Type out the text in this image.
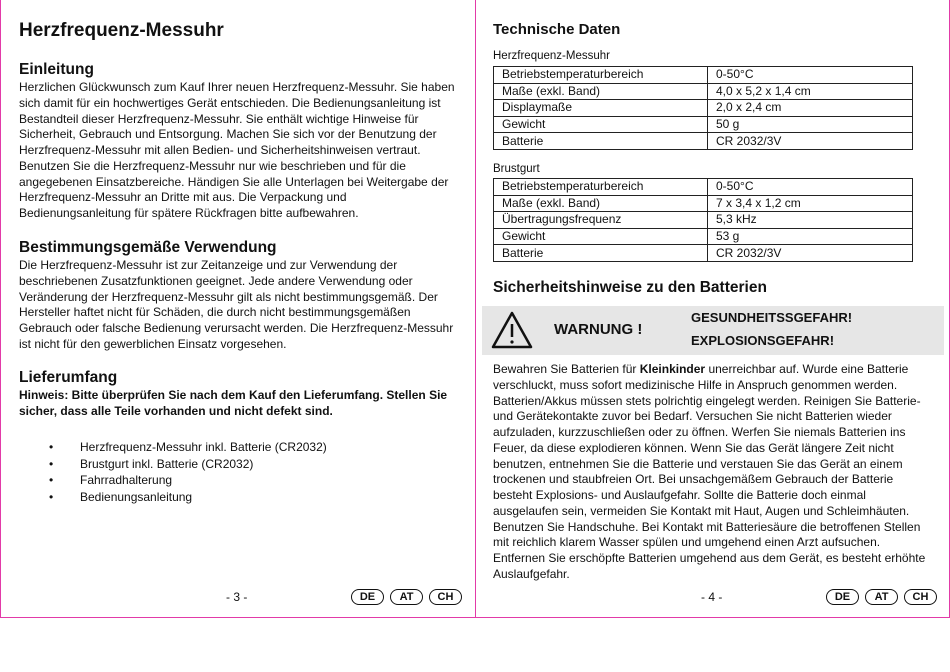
Herzfrequenz-Messuhr
Einleitung
Herzlichen Glückwunsch zum Kauf Ihrer neuen Herzfrequenz-Messuhr. Sie haben sich damit für ein hochwertiges Gerät entschieden. Die Bedienungsanleitung ist Bestandteil dieser Herzfrequenz-Messuhr. Sie enthält wichtige Hinweise für Sicherheit, Gebrauch und Entsorgung. Machen Sie sich vor der Benutzung der Herzfrequenz-Messuhr mit allen Bedien- und Sicherheitshinweisen vertraut. Benutzen Sie die Herzfrequenz-Messuhr nur wie beschrieben und für die angegebenen Einsatzbereiche. Händigen Sie alle Unterlagen bei Weitergabe der Herzfrequenz-Messuhr an Dritte mit aus. Die Verpackung und Bedienungsanleitung für spätere Rückfragen bitte aufbewahren.
Bestimmungsgemäße Verwendung
Die Herzfrequenz-Messuhr ist zur Zeitanzeige und zur Verwendung der beschriebenen Zusatzfunktionen geeignet. Jede andere Verwendung oder Veränderung der Herzfrequenz-Messuhr gilt als nicht bestimmungsgemäß. Der Hersteller haftet nicht für Schäden, die durch nicht bestimmungsgemäßen Gebrauch oder falsche Bedienung verursacht werden. Die Herzfrequenz-Messuhr ist nicht für den gewerblichen Einsatz vorgesehen.
Lieferumfang
Hinweis: Bitte überprüfen Sie nach dem Kauf den Lieferumfang. Stellen Sie sicher, dass alle Teile vorhanden und nicht defekt sind.
• Herzfrequenz-Messuhr inkl. Batterie (CR2032)
• Brustgurt inkl. Batterie (CR2032)
• Fahrradhalterung
• Bedienungsanleitung
- 3 -	DE	AT	CH
Technische Daten
Herzfrequenz-Messuhr
Betriebstemperaturbereich	0-50°C
Maße (exkl. Band)	4,0 x 5,2 x 1,4 cm
Displaymaße	2,0 x 2,4 cm
Gewicht	50 g
Batterie	CR 2032/3V
Brustgurt
Betriebstemperaturbereich	0-50°C
Maße (exkl. Band)	7 x 3,4 x 1,2 cm
Übertragungsfrequenz	5,3 kHz
Gewicht	53 g
Batterie	CR 2032/3V
Sicherheitshinweise zu den Batterien
WARNUNG !
GESUNDHEITSSGEFAHR!
EXPLOSIONSGEFAHR!
Bewahren Sie Batterien für Kleinkinder unerreichbar auf. Wurde eine Batterie verschluckt, muss sofort medizinische Hilfe in Anspruch genommen werden. Batterien/Akkus müssen stets polrichtig eingelegt werden. Reinigen Sie Batterie- und Gerätekontakte zuvor bei Bedarf. Versuchen Sie nicht Batterien wieder aufzuladen, kurzzuschließen oder zu öffnen. Werfen Sie niemals Batterien ins Feuer, da diese explodieren können. Wenn Sie das Gerät längere Zeit nicht benutzen, entnehmen Sie die Batterie und verstauen Sie das Gerät an einem trockenen und staubfreien Ort. Bei unsachgemäßem Gebrauch der Batterie besteht Explosions- und Auslaufgefahr. Sollte die Batterie doch einmal ausgelaufen sein, vermeiden Sie Kontakt mit Haut, Augen und Schleimhäuten. Benutzen Sie Handschuhe. Bei Kontakt mit Batteriesäure die betroffenen Stellen mit reichlich klarem Wasser spülen und umgehend einen Arzt aufsuchen. Entfernen Sie erschöpfte Batterien umgehend aus dem Gerät, es besteht erhöhte Auslaufgefahr.
- 4 -	DE	AT	CH
